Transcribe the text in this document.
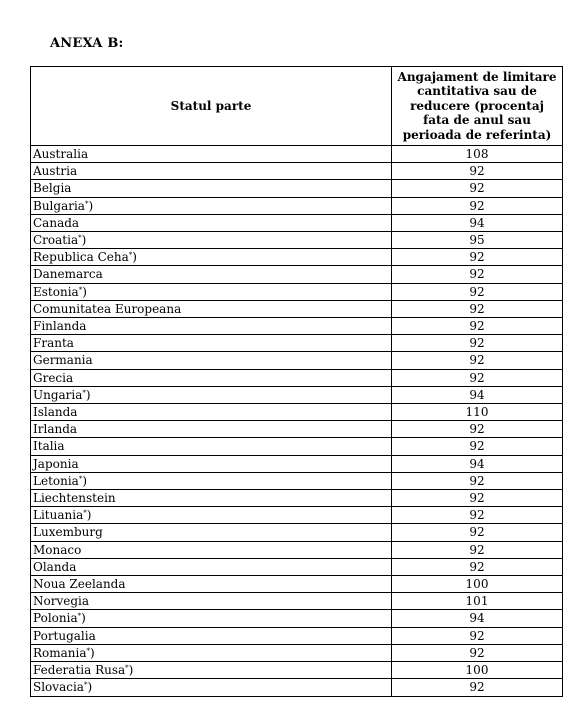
ANEXA B:
Statul parte	Angajament de limitare cantitativa sau de reducere (procentaj fata de anul sau perioada de referinta)
Australia	108
Austria	92
Belgia	92
Bulgaria*)	92
Canada	94
Croatia*)	95
Republica Ceha*)	92
Danemarca	92
Estonia*)	92
Comunitatea Europeana	92
Finlanda	92
Franta	92
Germania	92
Grecia	92
Ungaria*)	94
Islanda	110
Irlanda	92
Italia	92
Japonia	94
Letonia*)	92
Liechtenstein	92
Lituania*)	92
Luxemburg	92
Monaco	92
Olanda	92
Noua Zeelanda	100
Norvegia	101
Polonia*)	94
Portugalia	92
Romania*)	92
Federatia Rusa*)	100
Slovacia*)	92
